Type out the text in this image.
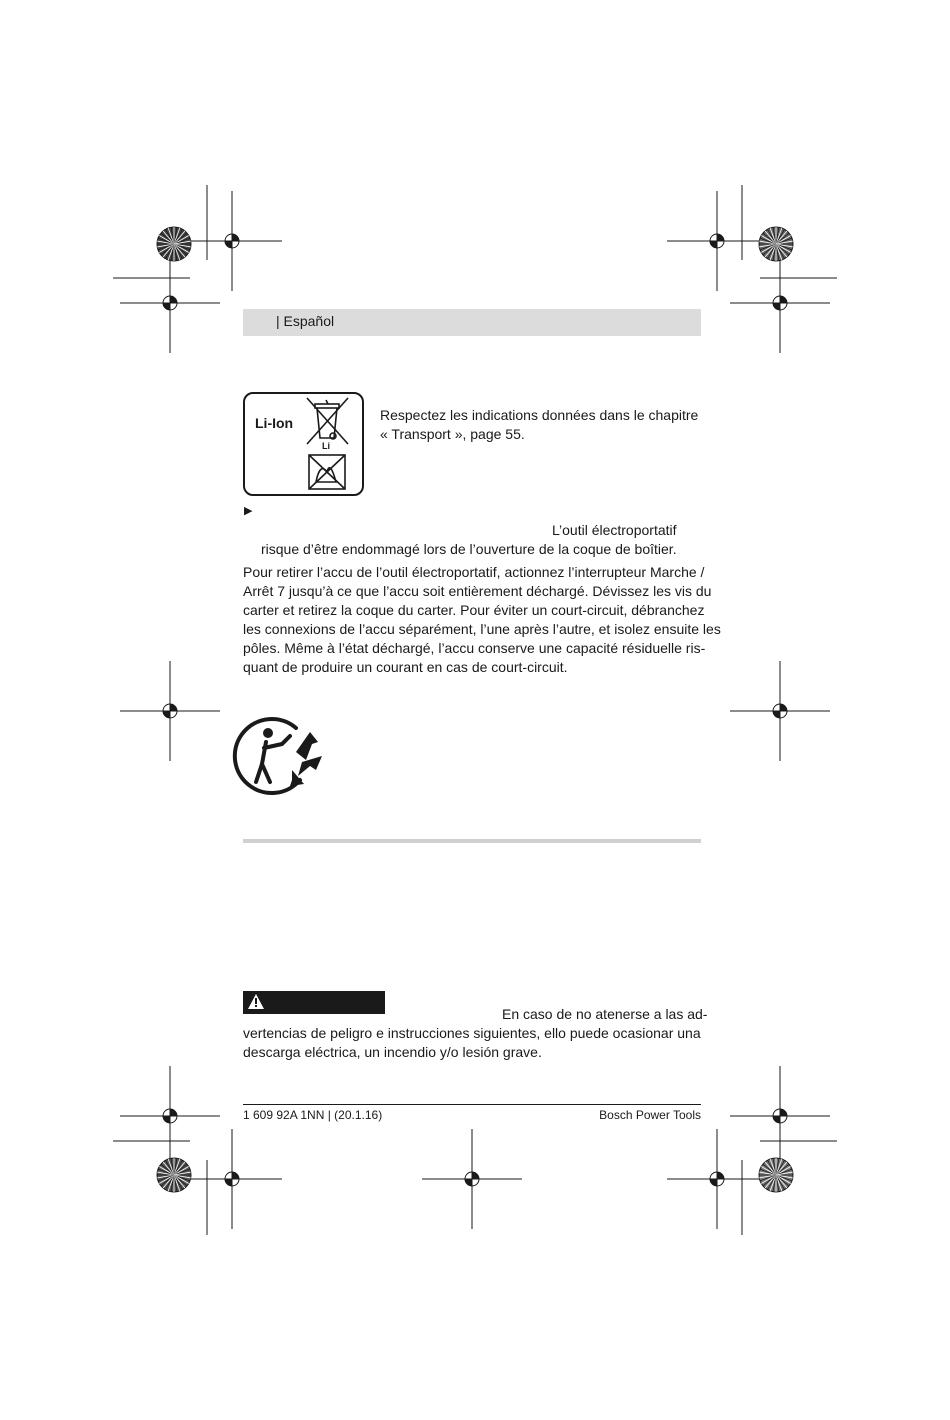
| Español
Li-Ion
Li
Respectez les indications données dans le chapitre
« Transport », page 55.
▶
L’outil électroportatif
risque d’être endommagé lors de l’ouverture de la coque de boîtier.
Pour retirer l’accu de l’outil électroportatif, actionnez l’interrupteur Marche /
Arrêt 7 jusqu’à ce que l’accu soit entièrement déchargé. Dévissez les vis du
carter et retirez la coque du carter. Pour éviter un court-circuit, débranchez
les connexions de l’accu séparément, l’une après l’autre, et isolez ensuite les
pôles. Même à l’état déchargé, l’accu conserve une capacité résiduelle ris-
quant de produire un courant en cas de court-circuit.
En caso de no atenerse a las ad-
vertencias de peligro e instrucciones siguientes, ello puede ocasionar una
descarga eléctrica, un incendio y/o lesión grave.
1 609 92A 1NN | (20.1.16)	Bosch Power Tools
